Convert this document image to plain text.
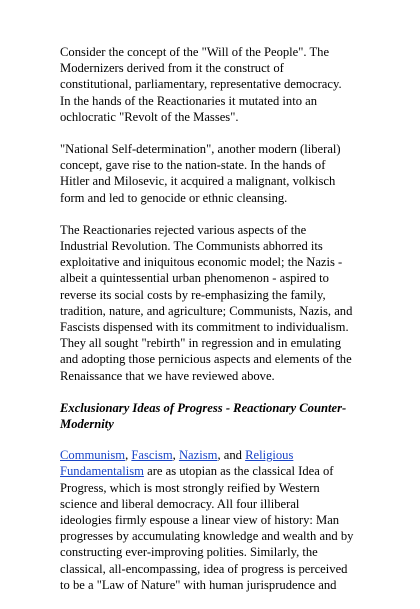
Consider the concept of the "Will of the People". The
Modernizers derived from it the construct of
constitutional, parliamentary, representative democracy.
In the hands of the Reactionaries it mutated into an
ochlocratic "Revolt of the Masses".

"National Self-determination", another modern (liberal)
concept, gave rise to the nation-state. In the hands of
Hitler and Milosevic, it acquired a malignant, volkisch
form and led to genocide or ethnic cleansing.

The Reactionaries rejected various aspects of the
Industrial Revolution. The Communists abhorred its
exploitative and iniquitous economic model; the Nazis -
albeit a quintessential urban phenomenon - aspired to
reverse its social costs by re-emphasizing the family,
tradition, nature, and agriculture; Communists, Nazis, and
Fascists dispensed with its commitment to individualism.
They all sought "rebirth" in regression and in emulating
and adopting those pernicious aspects and elements of the
Renaissance that we have reviewed above.

Exclusionary Ideas of Progress - Reactionary Counter-
Modernity

Communism, Fascism, Nazism, and Religious
Fundamentalism are as utopian as the classical Idea of
Progress, which is most strongly reified by Western
science and liberal democracy. All four illiberal
ideologies firmly espouse a linear view of history: Man
progresses by accumulating knowledge and wealth and by
constructing ever-improving polities. Similarly, the
classical, all-encompassing, idea of progress is perceived
to be a "Law of Nature" with human jurisprudence and
